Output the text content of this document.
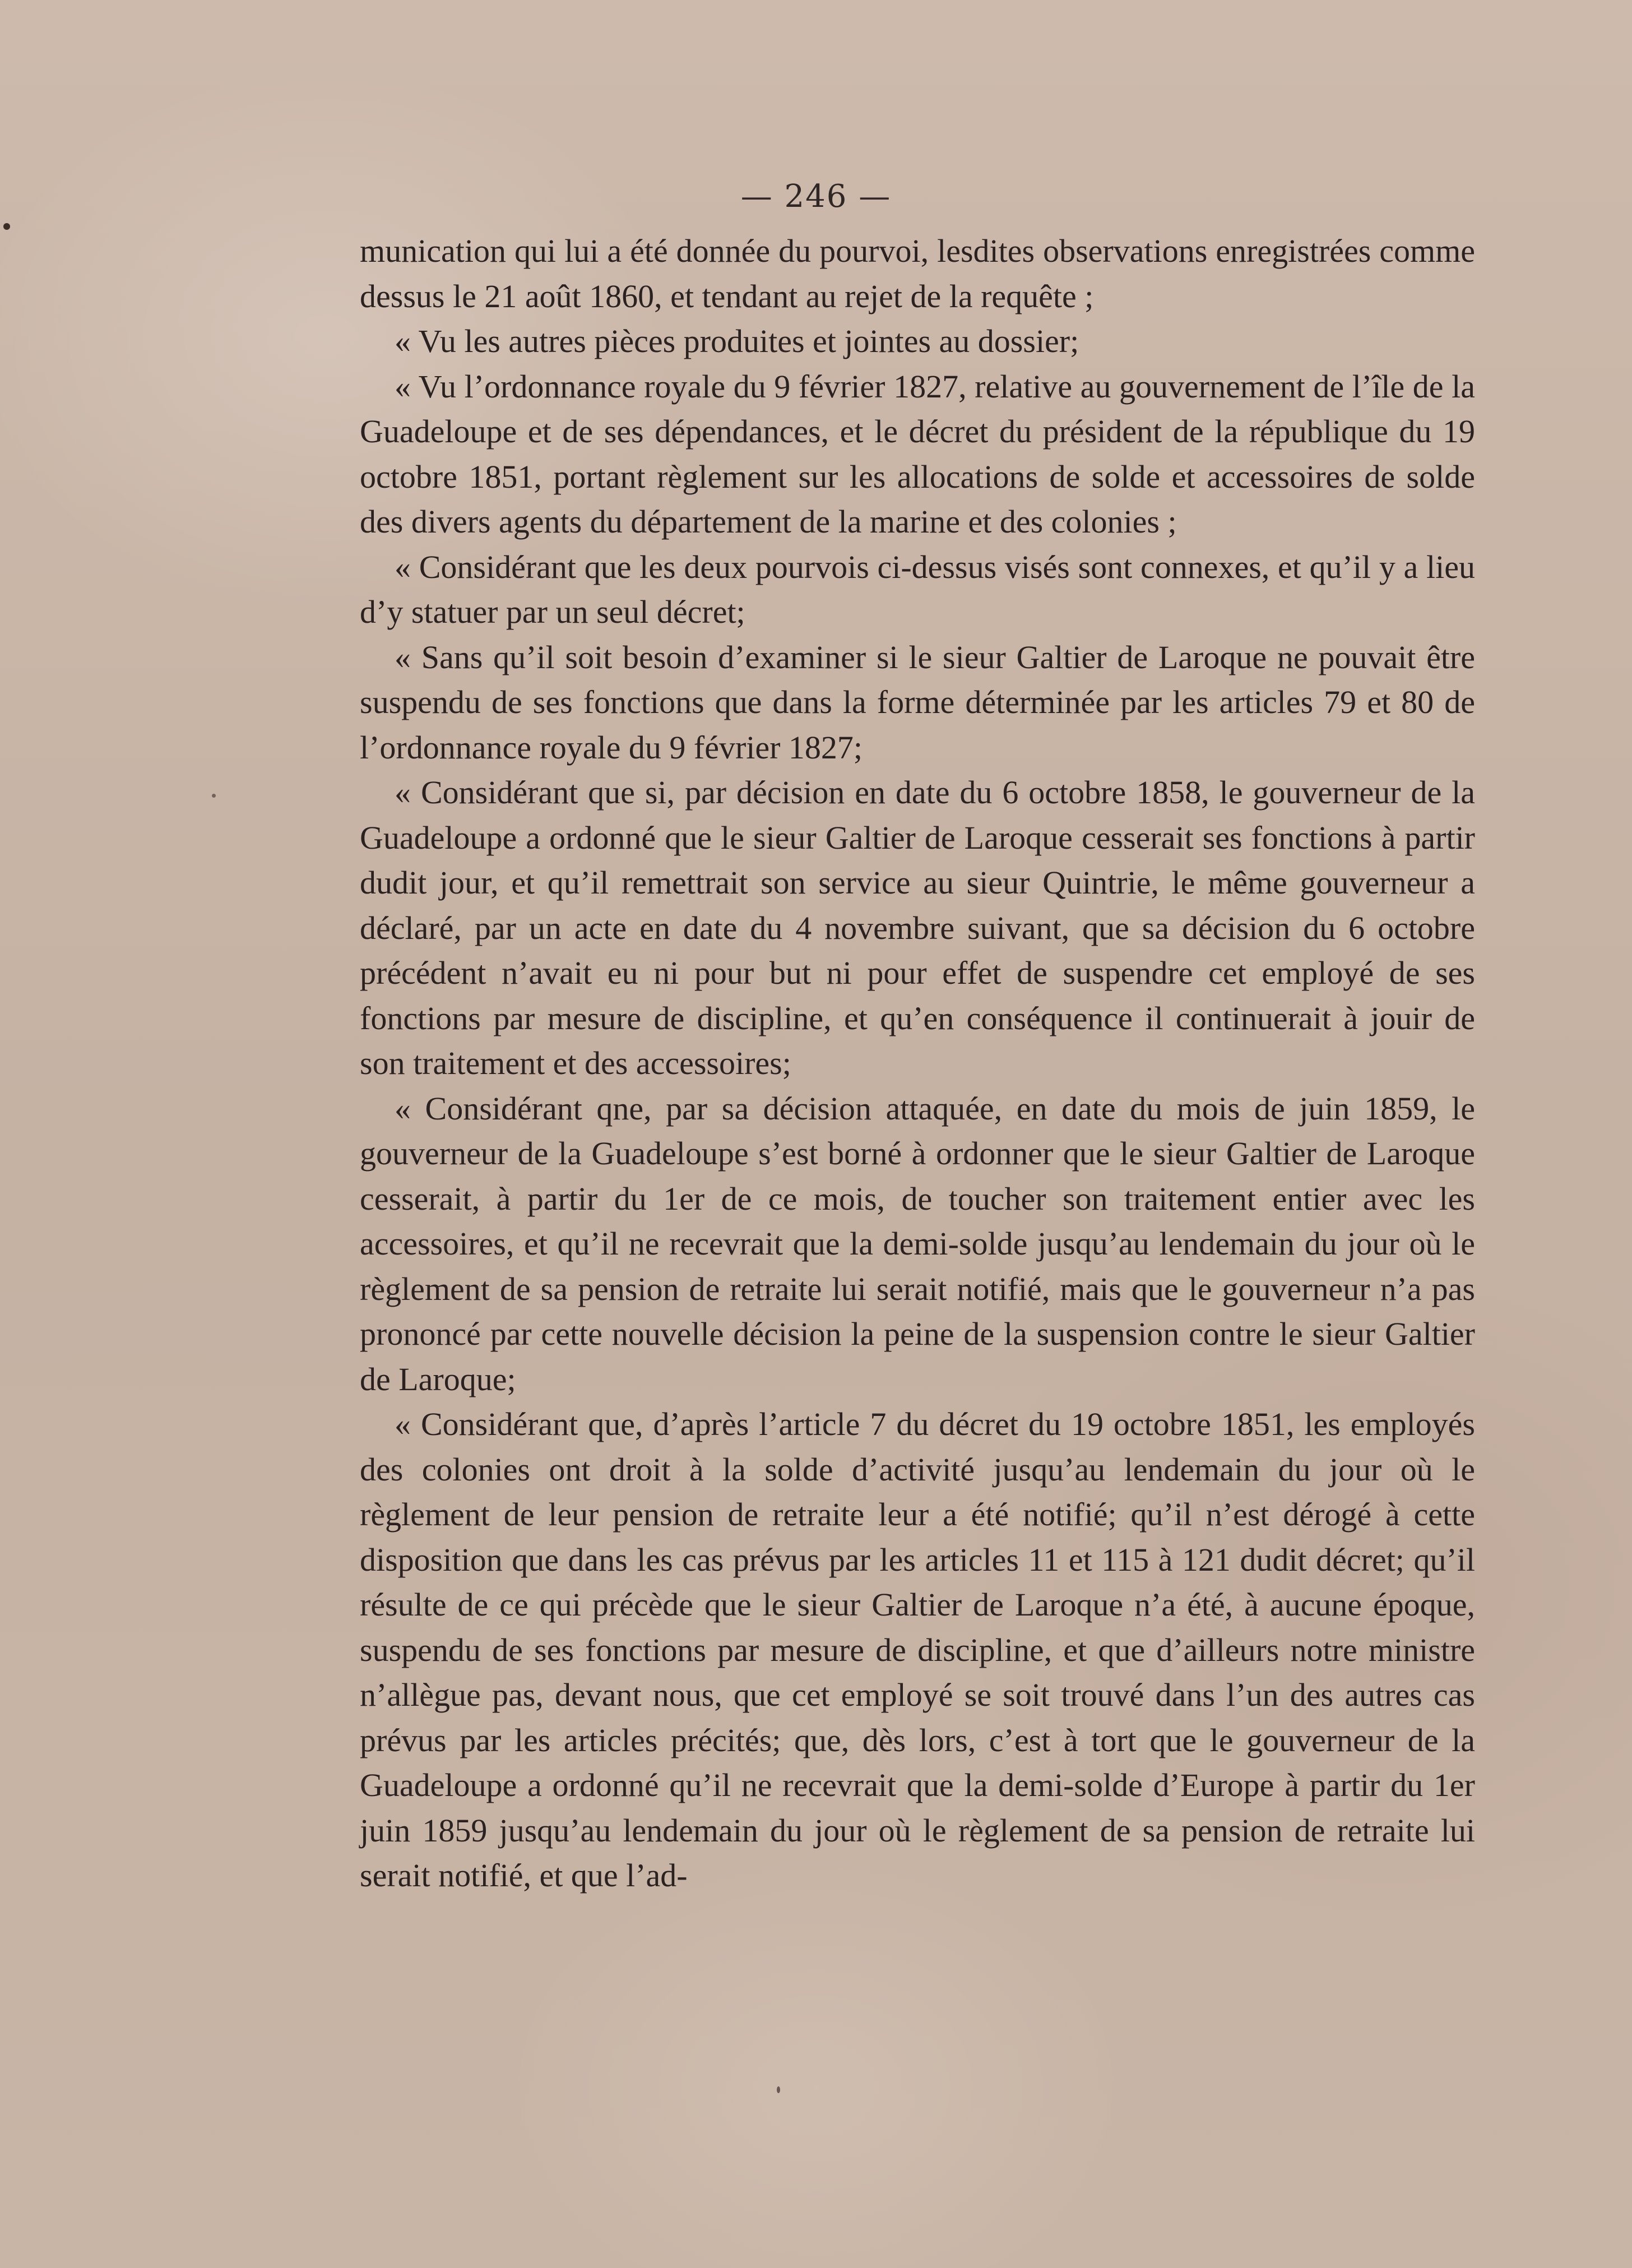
— 246 —

munication qui lui a été donnée du pourvoi, lesdites observations enregistrées comme dessus le 21 août 1860, et tendant au rejet de la requête ;

« Vu les autres pièces produites et jointes au dossier;

« Vu l’ordonnance royale du 9 février 1827, relative au gouvernement de l’île de la Guadeloupe et de ses dépendances, et le décret du président de la république du 19 octobre 1851, portant règlement sur les allocations de solde et accessoires de solde des divers agents du département de la marine et des colonies ;

« Considérant que les deux pourvois ci-dessus visés sont connexes, et qu’il y a lieu d’y statuer par un seul décret;

« Sans qu’il soit besoin d’examiner si le sieur Galtier de Laroque ne pouvait être suspendu de ses fonctions que dans la forme déterminée par les articles 79 et 80 de l’ordonnance royale du 9 février 1827;

« Considérant que si, par décision en date du 6 octobre 1858, le gouverneur de la Guadeloupe a ordonné que le sieur Galtier de Laroque cesserait ses fonctions à partir dudit jour, et qu’il remettrait son service au sieur Quintrie, le même gouverneur a déclaré, par un acte en date du 4 novembre suivant, que sa décision du 6 octobre précédent n’avait eu ni pour but ni pour effet de suspendre cet employé de ses fonctions par mesure de discipline, et qu’en conséquence il continuerait à jouir de son traitement et des accessoires;

« Considérant qne, par sa décision attaquée, en date du mois de juin 1859, le gouverneur de la Guadeloupe s’est borné à ordonner que le sieur Galtier de Laroque cesserait, à partir du 1er de ce mois, de toucher son traitement entier avec les accessoires, et qu’il ne recevrait que la demi-solde jusqu’au lendemain du jour où le règlement de sa pension de retraite lui serait notifié, mais que le gouverneur n’a pas prononcé par cette nouvelle décision la peine de la suspension contre le sieur Galtier de Laroque;

« Considérant que, d’après l’article 7 du décret du 19 octobre 1851, les employés des colonies ont droit à la solde d’activité jusqu’au lendemain du jour où le règlement de leur pension de retraite leur a été notifié; qu’il n’est dérogé à cette disposition que dans les cas prévus par les articles 11 et 115 à 121 dudit décret; qu’il résulte de ce qui précède que le sieur Galtier de Laroque n’a été, à aucune époque, suspendu de ses fonctions par mesure de discipline, et que d’ailleurs notre ministre n’allègue pas, devant nous, que cet employé se soit trouvé dans l’un des autres cas prévus par les articles précités; que, dès lors, c’est à tort que le gouverneur de la Guadeloupe a ordonné qu’il ne recevrait que la demi-solde d’Europe à partir du 1er juin 1859 jusqu’au lendemain du jour où le règlement de sa pension de retraite lui serait notifié, et que l’ad-
